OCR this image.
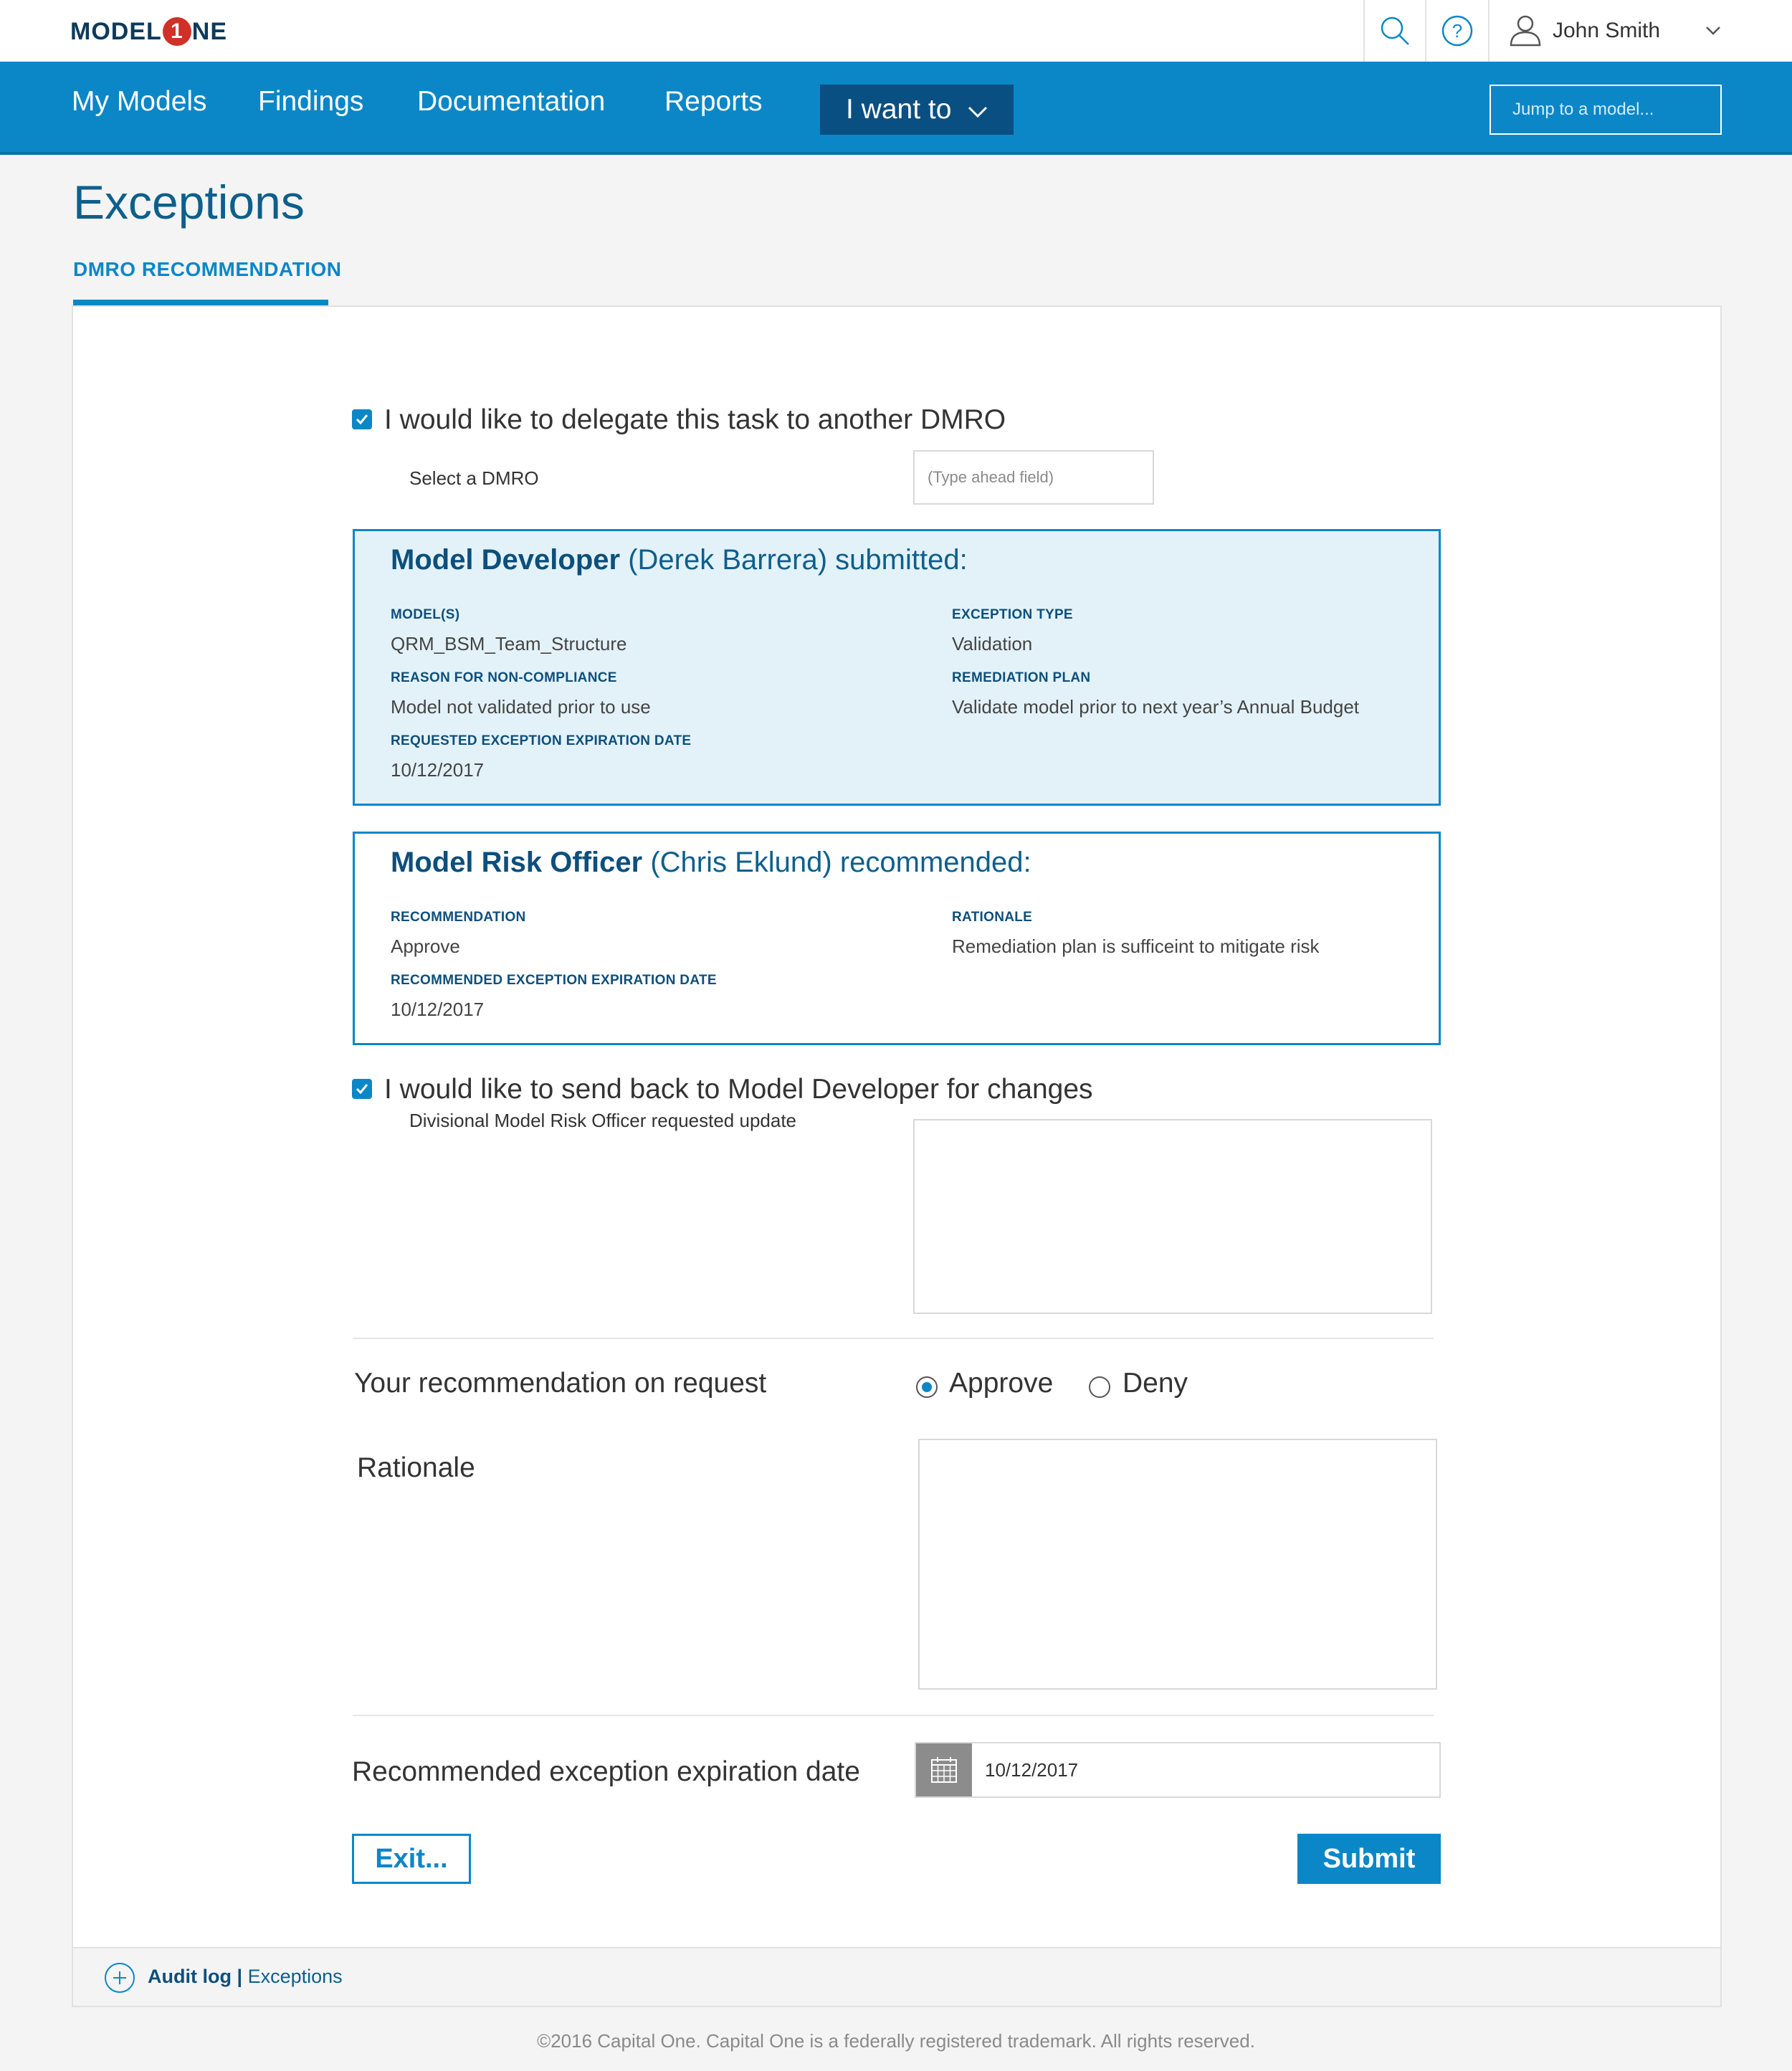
MODEL 1 NE	?	John Smith
My Models Findings Documentation Reports	I want to
Jump to a model...
Exceptions
DMRO RECOMMENDATION
I would like to delegate this task to another DMRO
Select a DMRO
(Type ahead field)
Model Developer (Derek Barrera) submitted:
MODEL(S)
QRM_BSM_Team_Structure
EXCEPTION TYPE
Validation
REASON FOR NON-COMPLIANCE
Model not validated prior to use
REMEDIATION PLAN
Validate model prior to next year’s Annual Budget
REQUESTED EXCEPTION EXPIRATION DATE
10/12/2017
Model Risk Officer (Chris Eklund) recommended:
RECOMMENDATION
Approve
RATIONALE
Remediation plan is sufficeint to mitigate risk
RECOMMENDED EXCEPTION EXPIRATION DATE
10/12/2017
I would like to send back to Model Developer for changes
Divisional Model Risk Officer requested update
Your recommendation on request	Approve Deny
Rationale
Recommended exception expiration date	10/12/2017
Exit...	Submit
Audit log | Exceptions
©2016 Capital One. Capital One is a federally registered trademark. All rights reserved.
